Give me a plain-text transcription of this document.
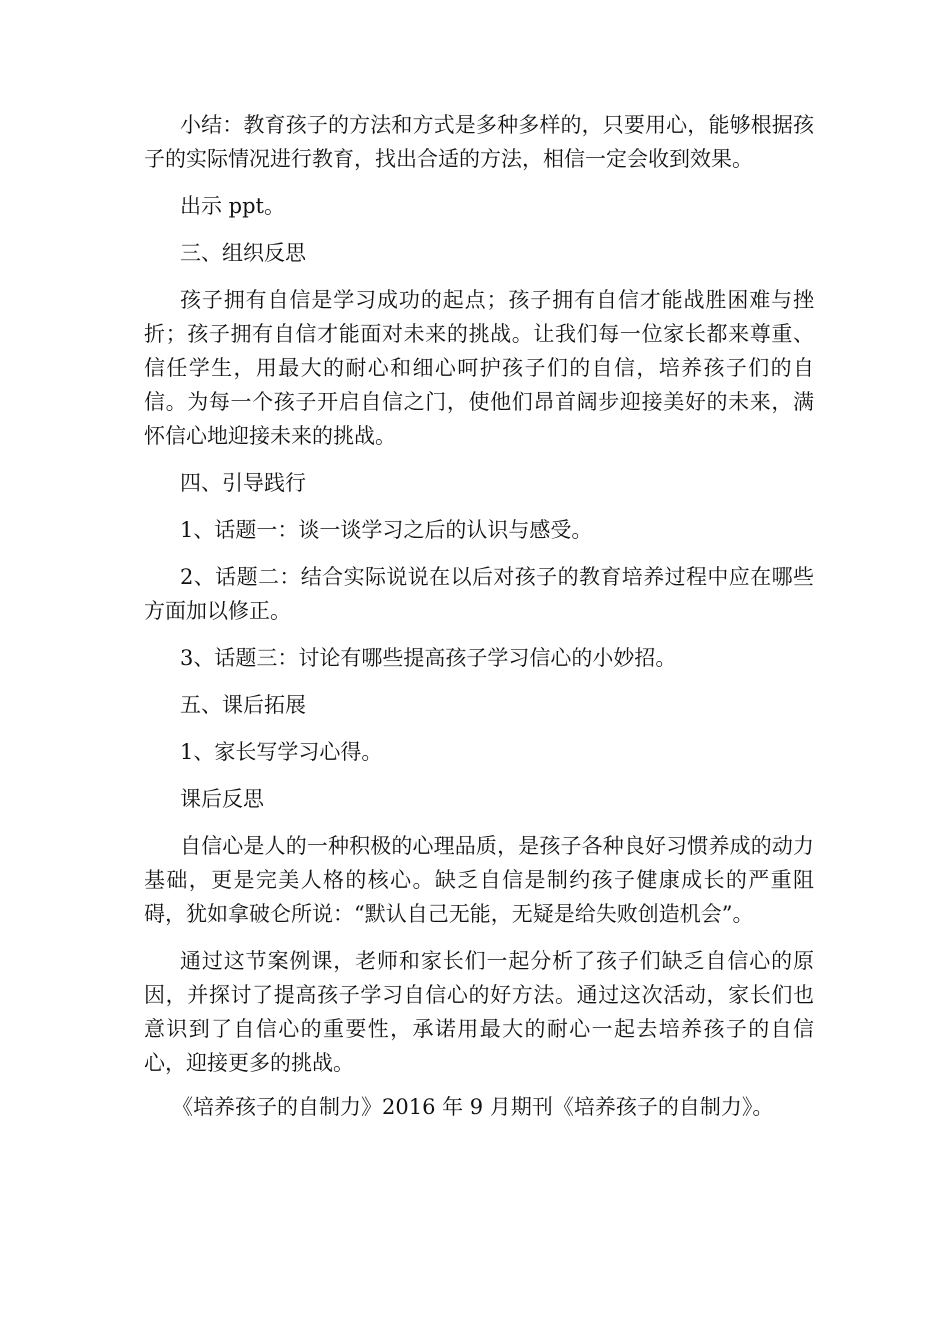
小结：教育孩子的方法和方式是多种多样的，只要用心，能够根据孩子的实际情况进行教育，找出合适的方法，相信一定会收到效果。

出示 ppt。

三、组织反思

孩子拥有自信是学习成功的起点；孩子拥有自信才能战胜困难与挫折；孩子拥有自信才能面对未来的挑战。让我们每一位家长都来尊重、信任学生，用最大的耐心和细心呵护孩子们的自信，培养孩子们的自信。为每一个孩子开启自信之门，使他们昂首阔步迎接美好的未来，满怀信心地迎接未来的挑战。

四、引导践行

1、话题一：谈一谈学习之后的认识与感受。

2、话题二：结合实际说说在以后对孩子的教育培养过程中应在哪些方面加以修正。

3、话题三：讨论有哪些提高孩子学习信心的小妙招。

五、课后拓展

1、家长写学习心得。

课后反思

自信心是人的一种积极的心理品质，是孩子各种良好习惯养成的动力基础，更是完美人格的核心。缺乏自信是制约孩子健康成长的严重阻碍，犹如拿破仑所说：“默认自己无能，无疑是给失败创造机会”。

通过这节案例课，老师和家长们一起分析了孩子们缺乏自信心的原因，并探讨了提高孩子学习自信心的好方法。通过这次活动，家长们也意识到了自信心的重要性，承诺用最大的耐心一起去培养孩子的自信心，迎接更多的挑战。

《培养孩子的自制力》2016 年 9 月期刊《培养孩子的自制力》。
